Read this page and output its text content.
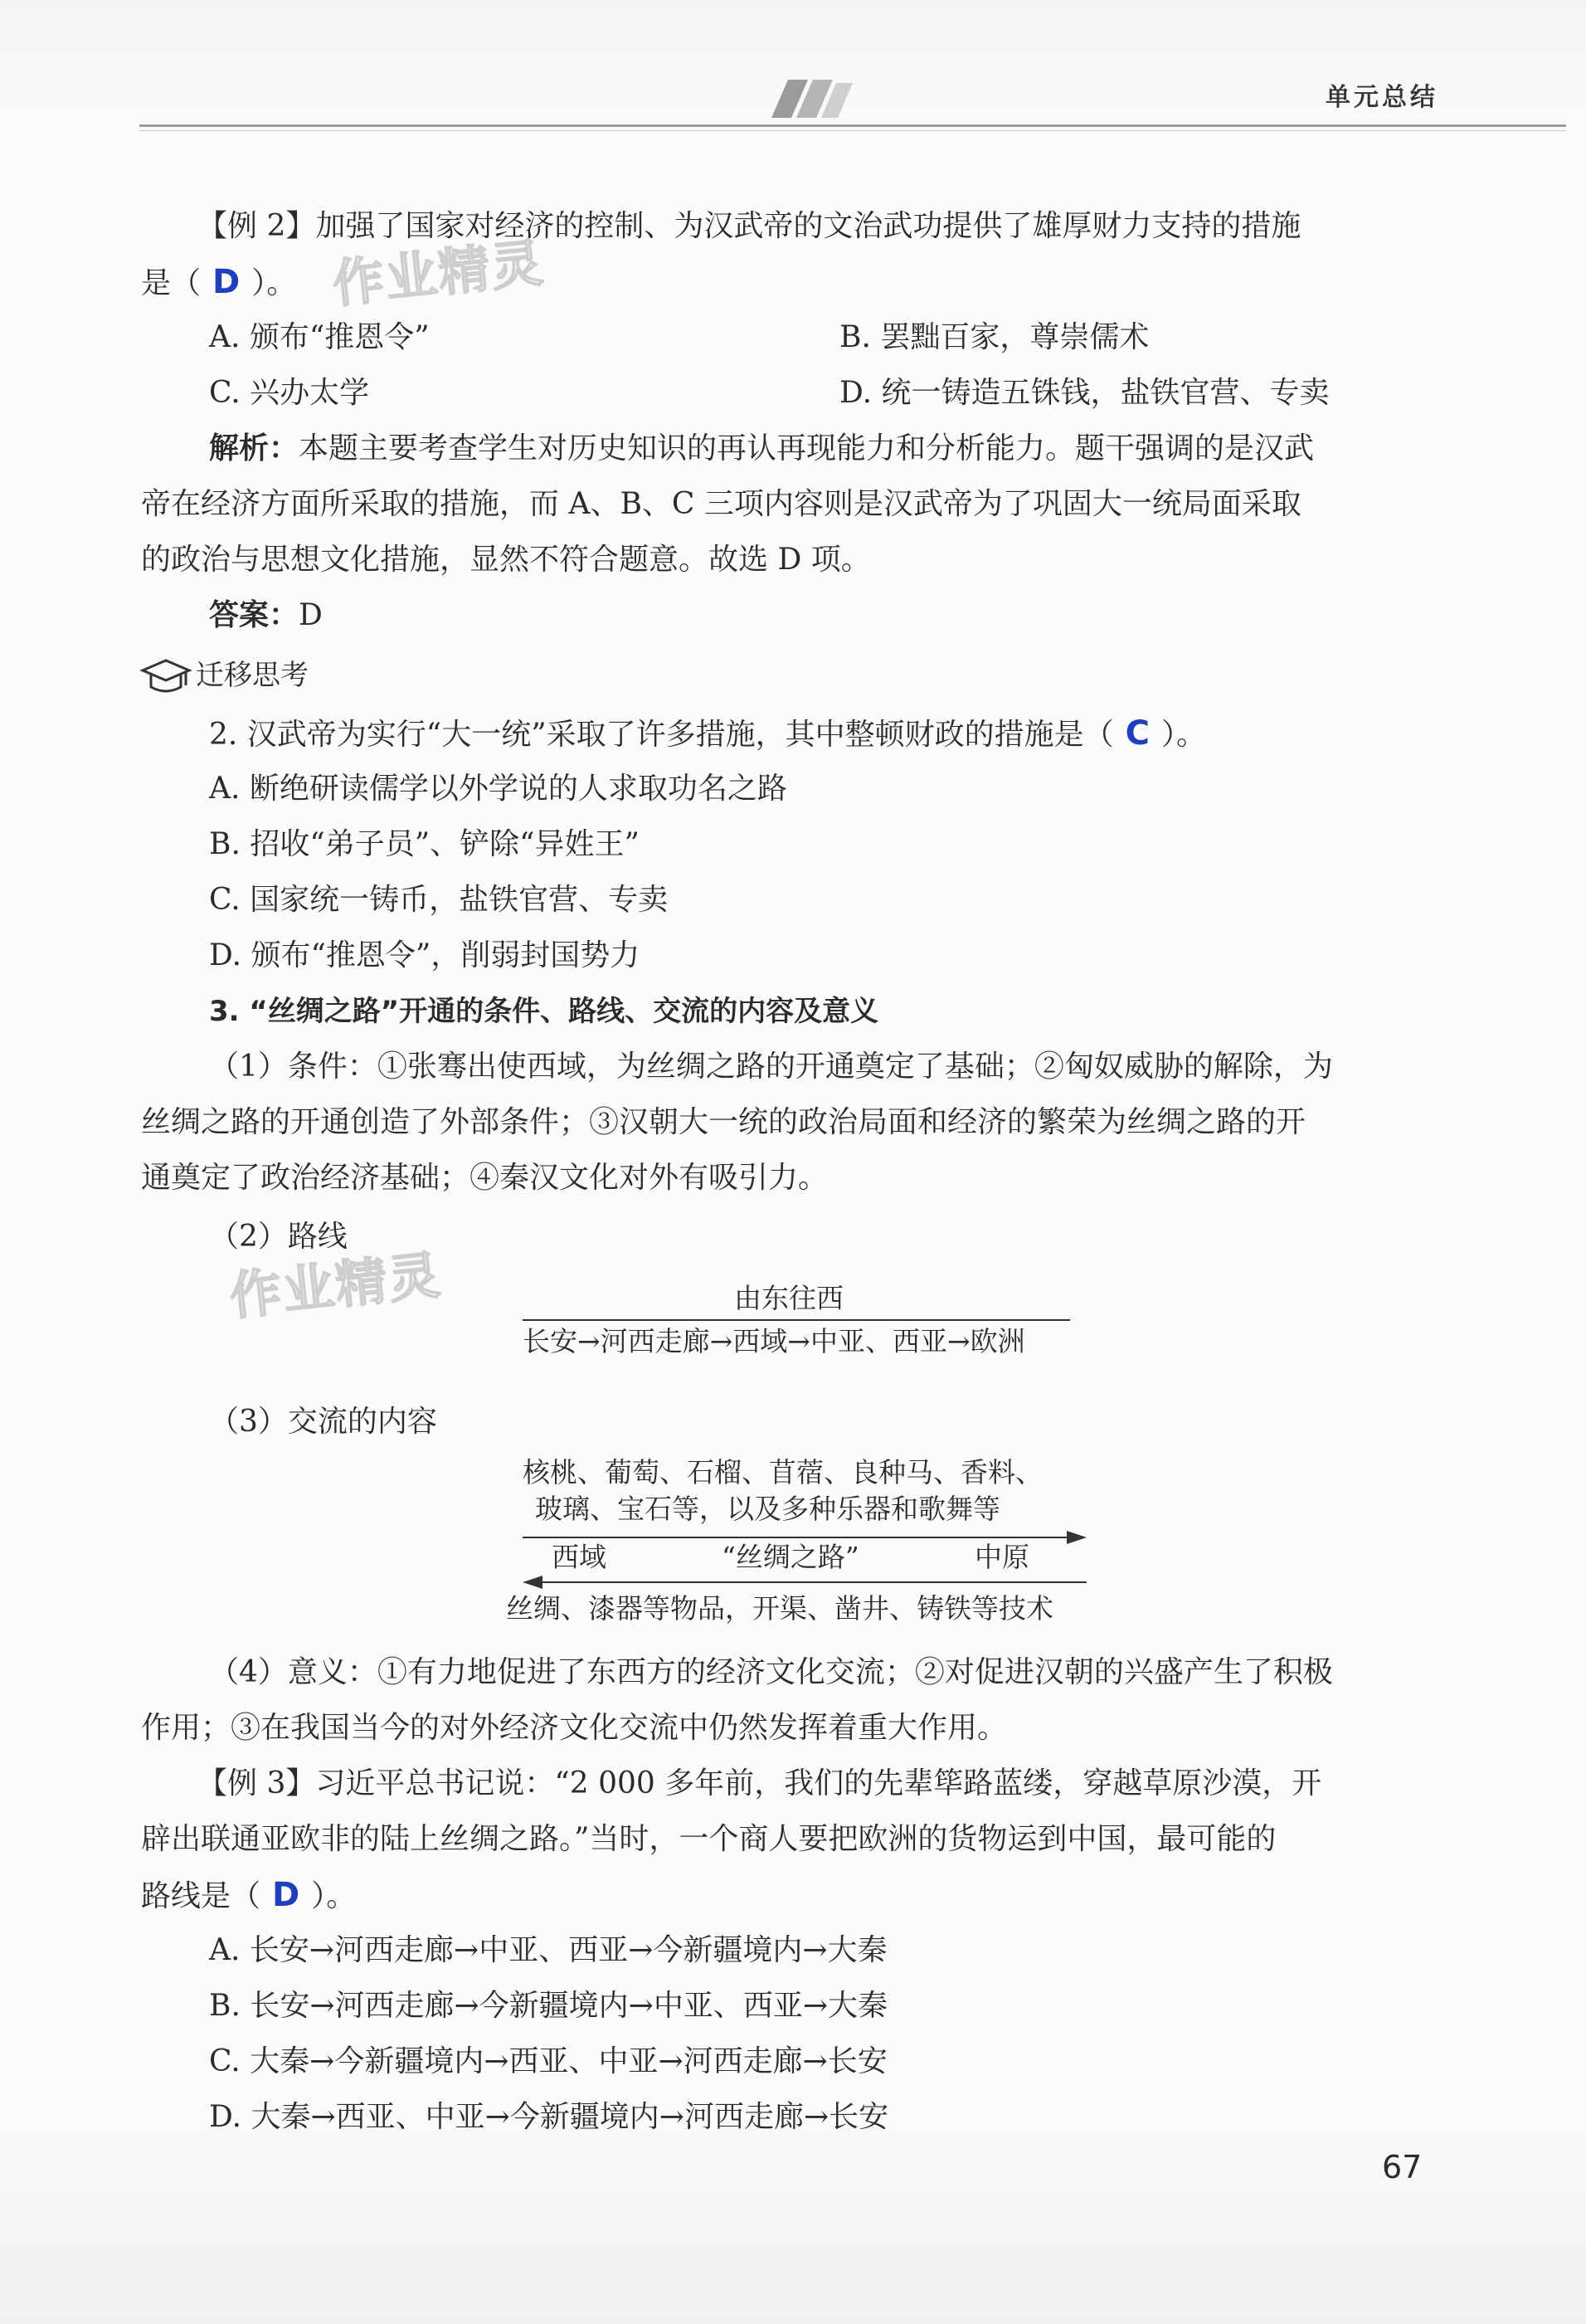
单元总结
作业精灵
作业精灵
【例 2】加强了国家对经济的控制、为汉武帝的文治武功提供了雄厚财力支持的措施
是（ D ）。
A. 颁布“推恩令”	B. 罢黜百家，尊崇儒术
C. 兴办太学	D. 统一铸造五铢钱，盐铁官营、专卖
解析：本题主要考查学生对历史知识的再认再现能力和分析能力。题干强调的是汉武
帝在经济方面所采取的措施，而 A、B、C 三项内容则是汉武帝为了巩固大一统局面采取
的政治与思想文化措施，显然不符合题意。故选 D 项。
答案：D
迁移思考
2. 汉武帝为实行“大一统”采取了许多措施，其中整顿财政的措施是（ C ）。
A. 断绝研读儒学以外学说的人求取功名之路
B. 招收“弟子员”、铲除“异姓王”
C. 国家统一铸币，盐铁官营、专卖
D. 颁布“推恩令”，削弱封国势力
3. “丝绸之路”开通的条件、路线、交流的内容及意义
（1）条件：①张骞出使西域，为丝绸之路的开通奠定了基础；②匈奴威胁的解除，为
丝绸之路的开通创造了外部条件；③汉朝大一统的政治局面和经济的繁荣为丝绸之路的开
通奠定了政治经济基础；④秦汉文化对外有吸引力。
（2）路线
由东往西
长安→河西走廊→西域→中亚、西亚→欧洲
（3）交流的内容
核桃、葡萄、石榴、苜蓿、良种马、香料、
玻璃、宝石等，以及多种乐器和歌舞等
西域	“丝绸之路”	中原
丝绸、漆器等物品，开渠、凿井、铸铁等技术
（4）意义：①有力地促进了东西方的经济文化交流；②对促进汉朝的兴盛产生了积极
作用；③在我国当今的对外经济文化交流中仍然发挥着重大作用。
【例 3】习近平总书记说：“2 000 多年前，我们的先辈筚路蓝缕，穿越草原沙漠，开
辟出联通亚欧非的陆上丝绸之路。”当时，一个商人要把欧洲的货物运到中国，最可能的
路线是（ D ）。
A. 长安→河西走廊→中亚、西亚→今新疆境内→大秦
B. 长安→河西走廊→今新疆境内→中亚、西亚→大秦
C. 大秦→今新疆境内→西亚、中亚→河西走廊→长安
D. 大秦→西亚、中亚→今新疆境内→河西走廊→长安
67
